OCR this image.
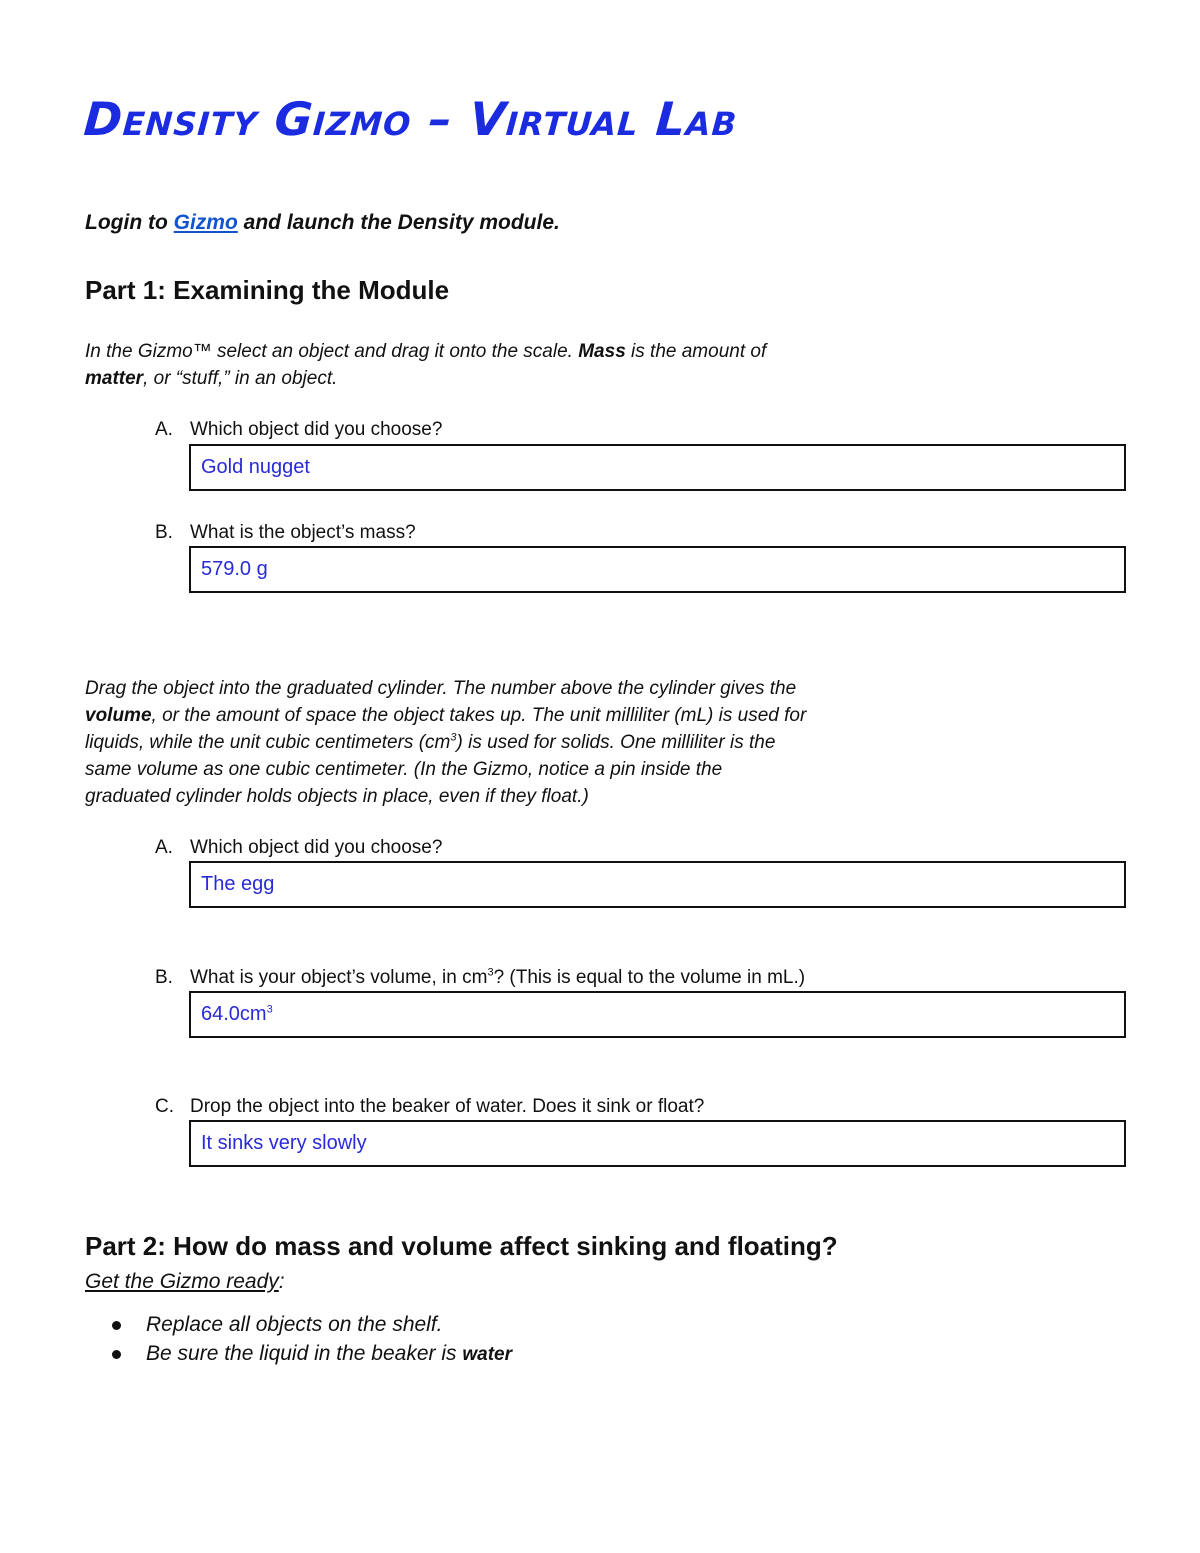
Density Gizmo – Virtual Lab
Login to Gizmo and launch the Density module.
Part 1: Examining the Module
In the Gizmo™ select an object and drag it onto the scale. Mass is the amount of
matter, or “stuff,” in an object.
A. Which object did you choose?
Gold nugget
B. What is the object’s mass?
579.0 g
Drag the object into the graduated cylinder. The number above the cylinder gives the
volume, or the amount of space the object takes up. The unit milliliter (mL) is used for
liquids, while the unit cubic centimeters $(cm^3)$ is used for solids. One milliliter is the
same volume as one cubic centimeter. (In the Gizmo, notice a pin inside the
graduated cylinder holds objects in place, even if they float.)
A. Which object did you choose?
The egg
B. What is your object’s volume, in $cm^3$? (This is equal to the volume in mL.)
$64.0cm^3$
C. Drop the object into the beaker of water. Does it sink or float?
It sinks very slowly
Part 2: How do mass and volume affect sinking and floating?
Get the Gizmo ready:
Replace all objects on the shelf.
Be sure the liquid in the beaker is water
